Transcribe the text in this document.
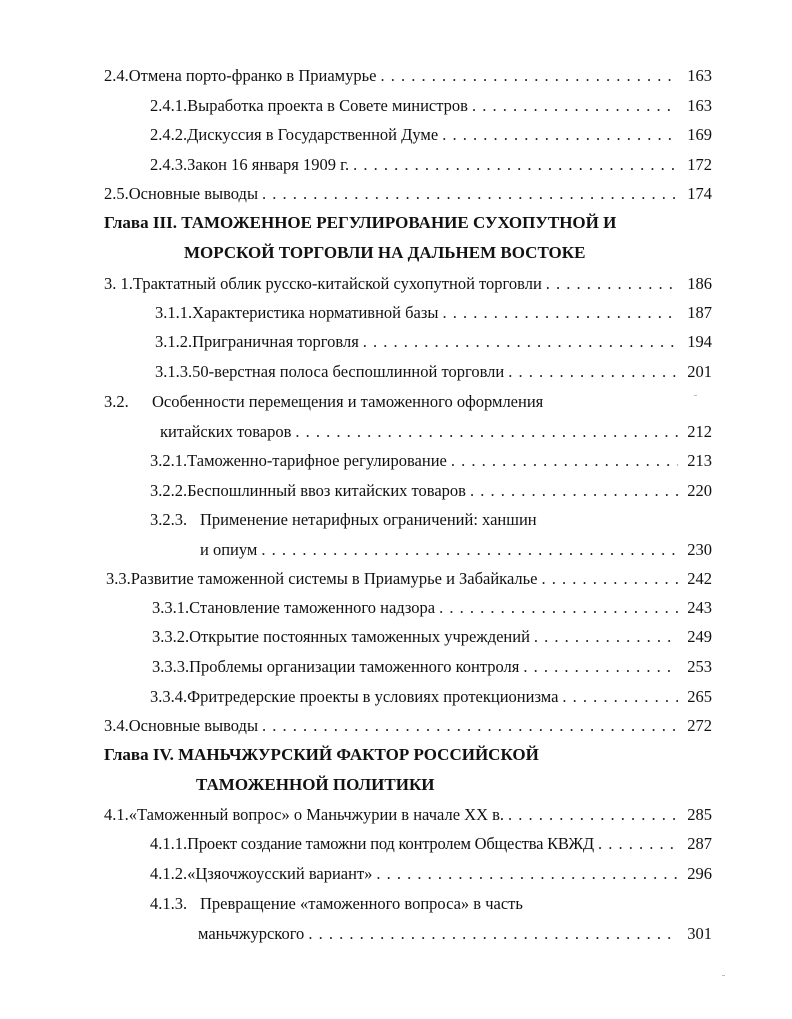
2.4. Отмена порто-франко в Приамурье . . .	163
2.4.1. Выработка проекта в Совете министров . . .	163
2.4.2. Дискуссия в Государственной Думе . . .	169
2.4.3. Закон 16 января 1909 г. . . .	172
2.5. Основные выводы . . .	174
Глава III. ТАМОЖЕННОЕ РЕГУЛИРОВАНИЕ СУХОПУТНОЙ И
МОРСКОЙ ТОРГОВЛИ НА ДАЛЬНЕМ ВОСТОКЕ
3. 1. Трактатный облик русско-китайской сухопутной торговли . . .	186
3.1.1. Характеристика нормативной базы . . .	187
3.1.2. Приграничная торговля . . .	194
3.1.3. 50-верстная полоса беспошлинной торговли . . .	201
3.2.	Особенности перемещения и таможенного оформления
китайских товаров . . .	212
3.2.1. Таможенно-тарифное регулирование . . .	213
3.2.2. Беспошлинный ввоз китайских товаров . . .	220
3.2.3. Применение нетарифных ограничений: ханшин
и опиум . . .	230
3.3. Развитие таможенной системы в Приамурье и Забайкалье . . .	242
3.3.1. Становление таможенного надзора . . .	243
3.3.2. Открытие постоянных таможенных учреждений . . .	249
3.3.3. Проблемы организации таможенного контроля . . .	253
3.3.4. Фритредерские проекты в условиях протекционизма . . .	265
3.4. Основные выводы . . .	272
Глава IV. МАНЬЧЖУРСКИЙ ФАКТОР РОССИЙСКОЙ
ТАМОЖЕННОЙ ПОЛИТИКИ
4.1. «Таможенный вопрос» о Маньчжурии в начале XX в. . . .	285
4.1.1. Проект создание таможни под контролем Общества КВЖД . . .	287
4.1.2. «Цзяочжоусский вариант» . . .	296
4.1.3. Превращение «таможенного вопроса» в часть
маньчжурского . . .	301
